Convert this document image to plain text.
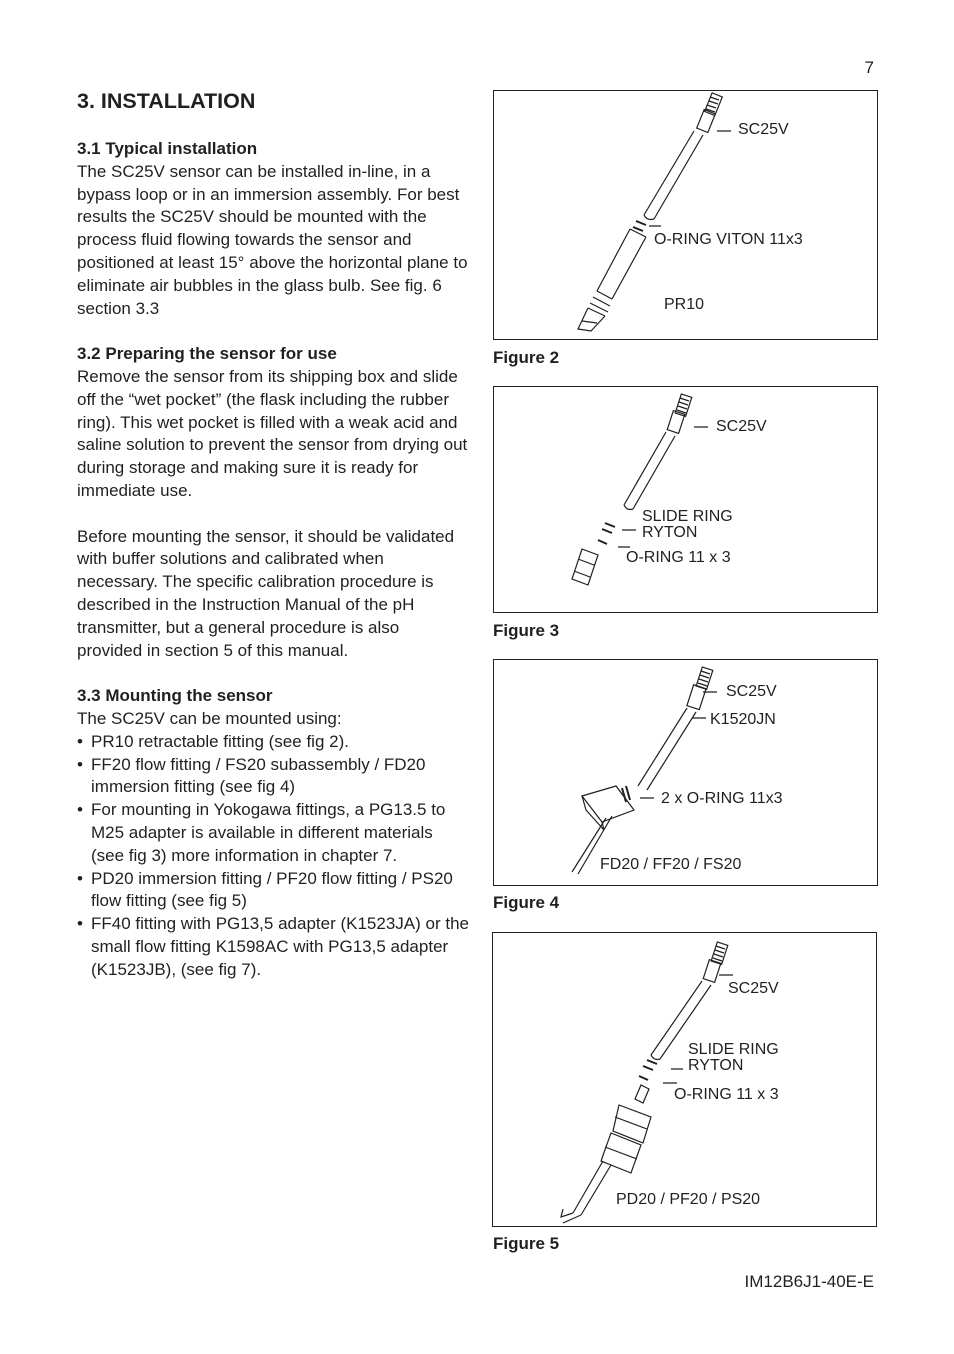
7
3. INSTALLATION
3.1 Typical installation

The SC25V sensor can be installed in-line, in a bypass loop or in an immersion assembly. For best results the SC25V should be mounted with the process fluid flowing towards the sensor and positioned at least 15° above the horizontal plane to eliminate air bubbles in the glass bulb. See fig. 6 section 3.3

3.2 Preparing the sensor for use

Remove the sensor from its shipping box and slide off the “wet pocket” (the flask including the rubber ring). This wet pocket is filled with a weak acid and saline solution to prevent the sensor from drying out during storage and making sure it is ready for immediate use.

Before mounting the sensor, it should be validated with buffer solutions and calibrated when necessary. The specific calibration procedure is described in the Instruction Manual of the pH transmitter, but a general procedure is also provided in section 5 of this manual.

3.3 Mounting the sensor

The SC25V can be mounted using:

• PR10 retractable fitting (see fig 2).
• FF20 flow fitting / FS20 subassembly / FD20 immersion fitting (see fig 4)
• For mounting in Yokogawa fittings, a PG13.5 to M25 adapter is available in different materials (see fig 3) more information in chapter 7.
• PD20 immersion fitting / PF20 flow fitting / PS20 flow fitting (see fig 5)
• FF40 fitting with PG13,5 adapter (K1523JA) or the small flow fitting K1598AC with PG13,5 adapter (K1523JB), (see fig 7).
SC25V
O-RING VITON 11x3
PR10
Figure 2
SC25V
SLIDE RING
RYTON
O-RING 11 x 3
Figure 3
SC25V
K1520JN
2 x O-RING 11x3
FD20 / FF20 / FS20
Figure 4
SC25V
SLIDE RING
RYTON
O-RING 11 x 3
PD20 / PF20 / PS20
Figure 5
IM12B6J1-40E-E
